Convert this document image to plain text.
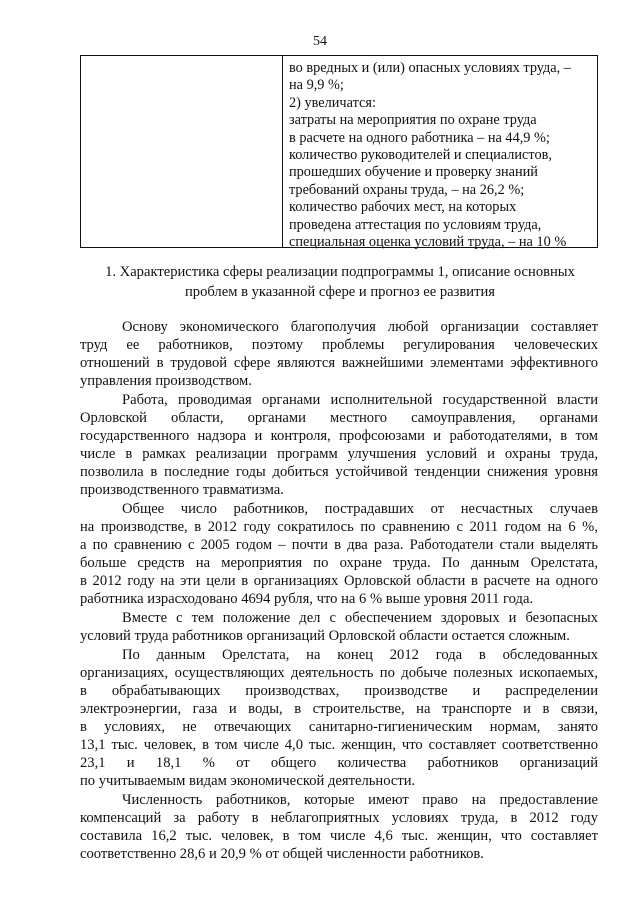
54
во вредных и (или) опасных условиях труда, –
на 9,9 %;
2) увеличатся:
затраты на мероприятия по охране труда
в расчете на одного работника – на 44,9 %;
количество руководителей и специалистов,
прошедших обучение и проверку знаний
требований охраны труда, – на 26,2 %;
количество рабочих мест, на которых
проведена аттестация по условиям труда,
специальная оценка условий труда, – на 10 %
1. Характеристика сферы реализации подпрограммы 1, описание основных
проблем в указанной сфере и прогноз ее развития
Основу экономического благополучия любой организации составляет
труд ее работников, поэтому проблемы регулирования человеческих
отношений в трудовой сфере являются важнейшими элементами эффективного
управления производством.
Работа, проводимая органами исполнительной государственной власти
Орловской области, органами местного самоуправления, органами
государственного надзора и контроля, профсоюзами и работодателями, в том
числе в рамках реализации программ улучшения условий и охраны труда,
позволила в последние годы добиться устойчивой тенденции снижения уровня
производственного травматизма.
Общее число работников, пострадавших от несчастных случаев
на производстве, в 2012 году сократилось по сравнению с 2011 годом на 6 %,
а по сравнению с 2005 годом – почти в два раза. Работодатели стали выделять
больше средств на мероприятия по охране труда. По данным Орелстата,
в 2012 году на эти цели в организациях Орловской области в расчете на одного
работника израсходовано 4694 рубля, что на 6 % выше уровня 2011 года.
Вместе с тем положение дел с обеспечением здоровых и безопасных
условий труда работников организаций Орловской области остается сложным.
По данным Орелстата, на конец 2012 года в обследованных
организациях, осуществляющих деятельность по добыче полезных ископаемых,
в обрабатывающих производствах, производстве и распределении
электроэнергии, газа и воды, в строительстве, на транспорте и в связи,
в условиях, не отвечающих санитарно-гигиеническим нормам, занято
13,1 тыс. человек, в том числе 4,0 тыс. женщин, что составляет соответственно
23,1 и 18,1 % от общего количества работников организаций
по учитываемым видам экономической деятельности.
Численность работников, которые имеют право на предоставление
компенсаций за работу в неблагоприятных условиях труда, в 2012 году
составила 16,2 тыс. человек, в том числе 4,6 тыс. женщин, что составляет
соответственно 28,6 и 20,9 % от общей численности работников.
